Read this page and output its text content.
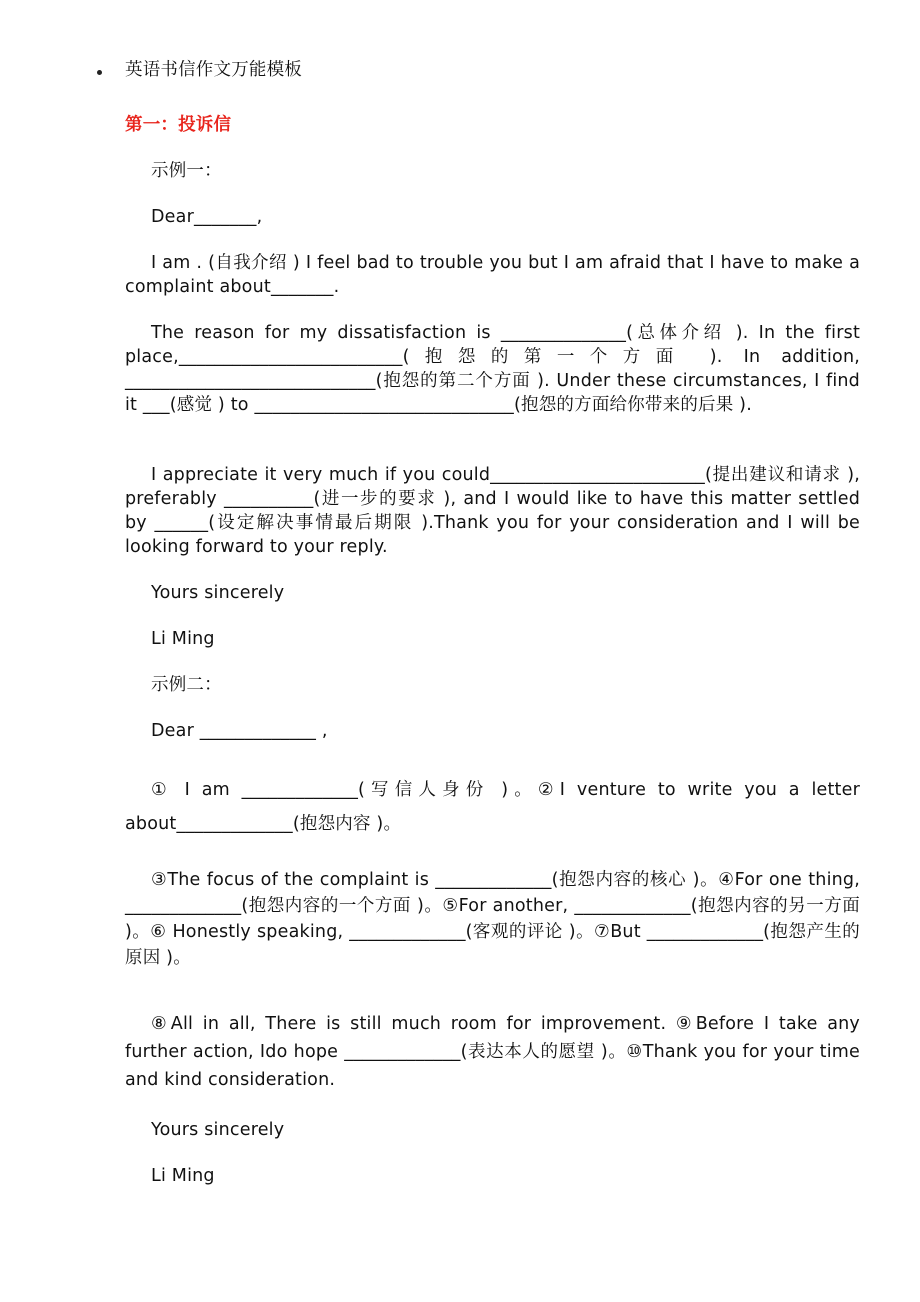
英语书信作文万能模板

第一：投诉信

示例一：

Dear_______,

I am . (自我介绍 ) I feel bad to trouble you but I am afraid that I have to make a complaint about_______.

The reason for my dissatisfaction is ______________(总体介绍 ). In the first place,_________________________(抱怨的第一个方面 ). In addition, ____________________________(抱怨的第二个方面 ). Under these circumstances, I find it ___(感觉 ) to _____________________________(抱怨的方面给你带来的后果 ).

I appreciate it very much if you could________________________(提出建议和请求 ), preferably __________(进一步的要求 ), and I would like to have this matter settled by ______(设定解决事情最后期限 ).Thank you for your consideration and I will be looking forward to your reply.

Yours sincerely

Li Ming

示例二：

Dear _____________ ,

① I am _____________(写信人身份 )。②I venture to write you a letter about_____________(抱怨内容 )。

③The focus of the complaint is _____________(抱怨内容的核心 )。④For one thing, _____________(抱怨内容的一个方面 )。⑤For another, _____________(抱怨内容的另一方面 )。⑥ Honestly speaking, _____________(客观的评论 )。⑦But _____________(抱怨产生的原因 )。

⑧All in all, There is still much room for improvement. ⑨Before I take any further action, Ido hope _____________(表达本人的愿望 )。⑩Thank you for your time and kind consideration.

Yours sincerely

Li Ming
